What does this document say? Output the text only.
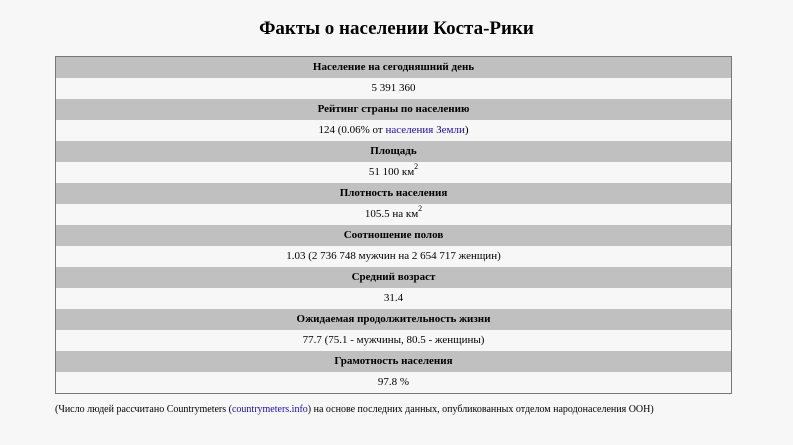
Факты о населении Коста-Рики
Население на сегодняшний день
5 391 360
Рейтинг страны по населению
124 (0.06% от населения Земли)
Площадь
51 100 $км^2$
Плотность населения
105.5 на $км^2$
Соотношение полов
1.03 (2 736 748 мужчин на 2 654 717 женщин)
Средний возраст
31.4
Ожидаемая продолжительность жизни
77.7 (75.1 - мужчины, 80.5 - женщины)
Грамотность населения
97.8 %
(Число людей рассчитано Countrymeters (countrymeters.info) на основе последних данных, опубликованных отделом народонаселения ООН)
